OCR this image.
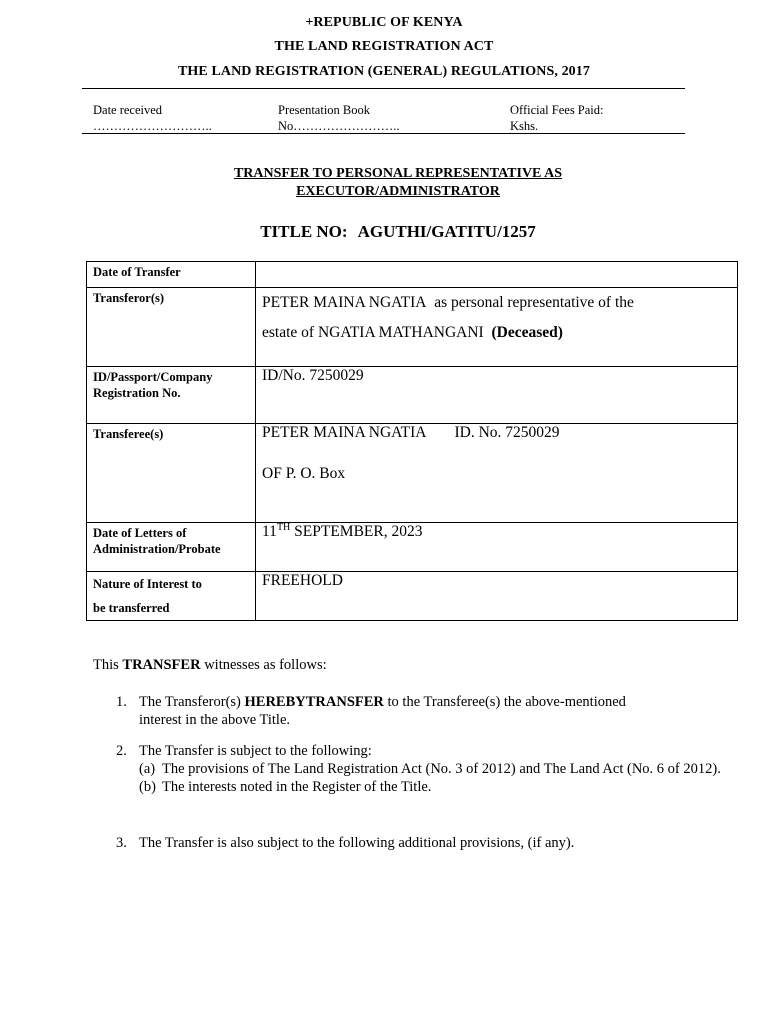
+REPUBLIC OF KENYA
THE LAND REGISTRATION ACT
THE LAND REGISTRATION (GENERAL) REGULATIONS, 2017
Date received
………………………..
Presentation Book
No……………………..
Official Fees Paid:
Kshs.
TRANSFER TO PERSONAL REPRESENTATIVE AS
EXECUTOR/ADMINISTRATOR
TITLE NO: AGUTHI/GATITU/1257
Date of Transfer	
Transferor(s)	PETER MAINA NGATIA as personal representative of the
estate of NGATIA MATHANGANI (Deceased)
ID/Passport/Company Registration No.	ID/No. 7250029
Transferee(s)	PETER MAINA NGATIA ID. No. 7250029
OF P. O. Box

Date of Letters of Administration/Probate	11TH SEPTEMBER, 2023

Nature of Interest to
be transferred	FREEHOLD
This TRANSFER witnesses as follows:
1. The Transferor(s) HEREBYTRANSFER to the Transferee(s) the above-mentioned
interest in the above Title.
2. The Transfer is subject to the following:
(a) The provisions of The Land Registration Act (No. 3 of 2012) and The Land Act (No. 6 of 2012).
(b) The interests noted in the Register of the Title.
3. The Transfer is also subject to the following additional provisions, (if any).
